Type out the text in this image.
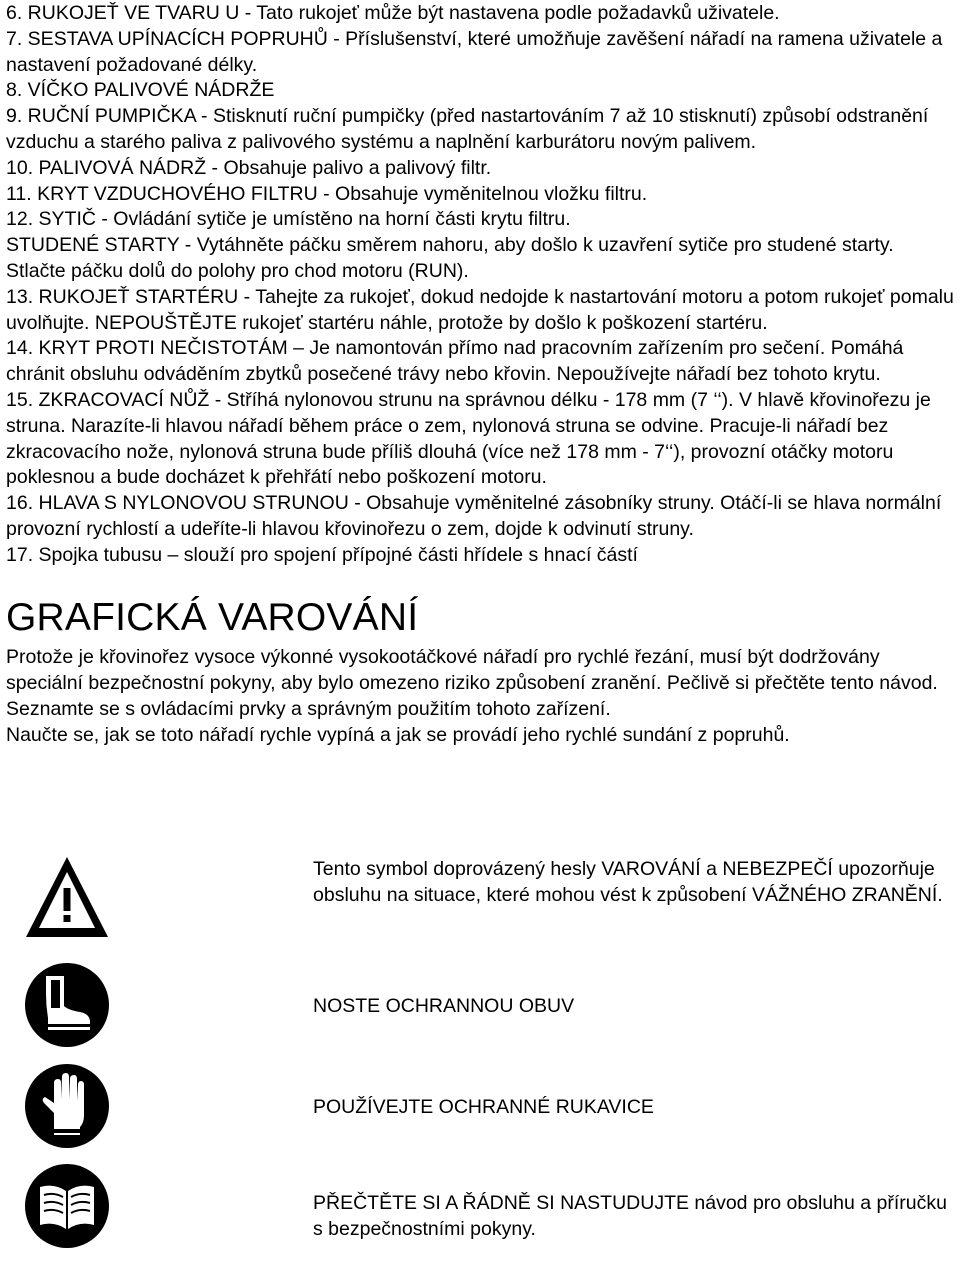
6. RUKOJEŤ VE TVARU U - Tato rukojeť může být nastavena podle požadavků uživatele.

7. SESTAVA UPÍNACÍCH POPRUHŮ - Příslušenství, které umožňuje zavěšení nářadí na ramena uživatele a nastavení požadované délky.

8. VÍČKO PALIVOVÉ NÁDRŽE

9. RUČNÍ PUMPIČKA - Stisknutí ruční pumpičky (před nastartováním 7 až 10 stisknutí) způsobí odstranění vzduchu a starého paliva z palivového systému a naplnění karburátoru novým palivem.

10. PALIVOVÁ NÁDRŽ - Obsahuje palivo a palivový filtr.

11. KRYT VZDUCHOVÉHO FILTRU - Obsahuje vyměnitelnou vložku filtru.

12. SYTIČ - Ovládání sytiče je umístěno na horní části krytu filtru.

STUDENÉ STARTY - Vytáhněte páčku směrem nahoru, aby došlo k uzavření sytiče pro studené starty. Stlačte páčku dolů do polohy pro chod motoru (RUN).

13. RUKOJEŤ STARTÉRU - Tahejte za rukojeť, dokud nedojde k nastartování motoru a potom rukojeť pomalu uvolňujte. NEPOUŠTĚJTE rukojeť startéru náhle, protože by došlo k poškození startéru.

14. KRYT PROTI NEČISTOTÁM – Je namontován přímo nad pracovním zařízením pro sečení. Pomáhá chránit obsluhu odváděním zbytků posečené trávy nebo křovin. Nepoužívejte nářadí bez tohoto krytu.

15. ZKRACOVACÍ NŮŽ - Stříhá nylonovou strunu na správnou délku - 178 mm (7 ‘‘). V hlavě křovinořezu je struna. Narazíte-li hlavou nářadí během práce o zem, nylonová struna se odvine. Pracuje-li nářadí bez zkracovacího nože, nylonová struna bude příliš dlouhá (více než 178 mm - 7‘‘), provozní otáčky motoru poklesnou a bude docházet k přehřátí nebo poškození motoru.

16. HLAVA S NYLONOVOU STRUNOU - Obsahuje vyměnitelné zásobníky struny. Otáčí-li se hlava normální provozní rychlostí a udeříte-li hlavou křovinořezu o zem, dojde k odvinutí struny.

17. Spojka tubusu – slouží pro spojení přípojné části hřídele s hnací částí

GRAFICKÁ VAROVÁNÍ

Protože je křovinořez vysoce výkonné vysokootáčkové nářadí pro rychlé řezání, musí být dodržovány speciální bezpečnostní pokyny, aby bylo omezeno riziko způsobení zranění. Pečlivě si přečtěte tento návod. Seznamte se s ovládacími prvky a správným použitím tohoto zařízení.

Naučte se, jak se toto nářadí rychle vypíná a jak se provádí jeho rychlé sundání z popruhů.

Tento symbol doprovázený hesly VAROVÁNÍ a NEBEZPEČÍ upozorňuje obsluhu na situace, které mohou vést k způsobení VÁŽNÉHO ZRANĚNÍ.
NOSTE OCHRANNOU OBUV
POUŽÍVEJTE OCHRANNÉ RUKAVICE
PŘEČTĚTE SI A ŘÁDNĚ SI NASTUDUJTE návod pro obsluhu a příručku s bezpečnostními pokyny.
